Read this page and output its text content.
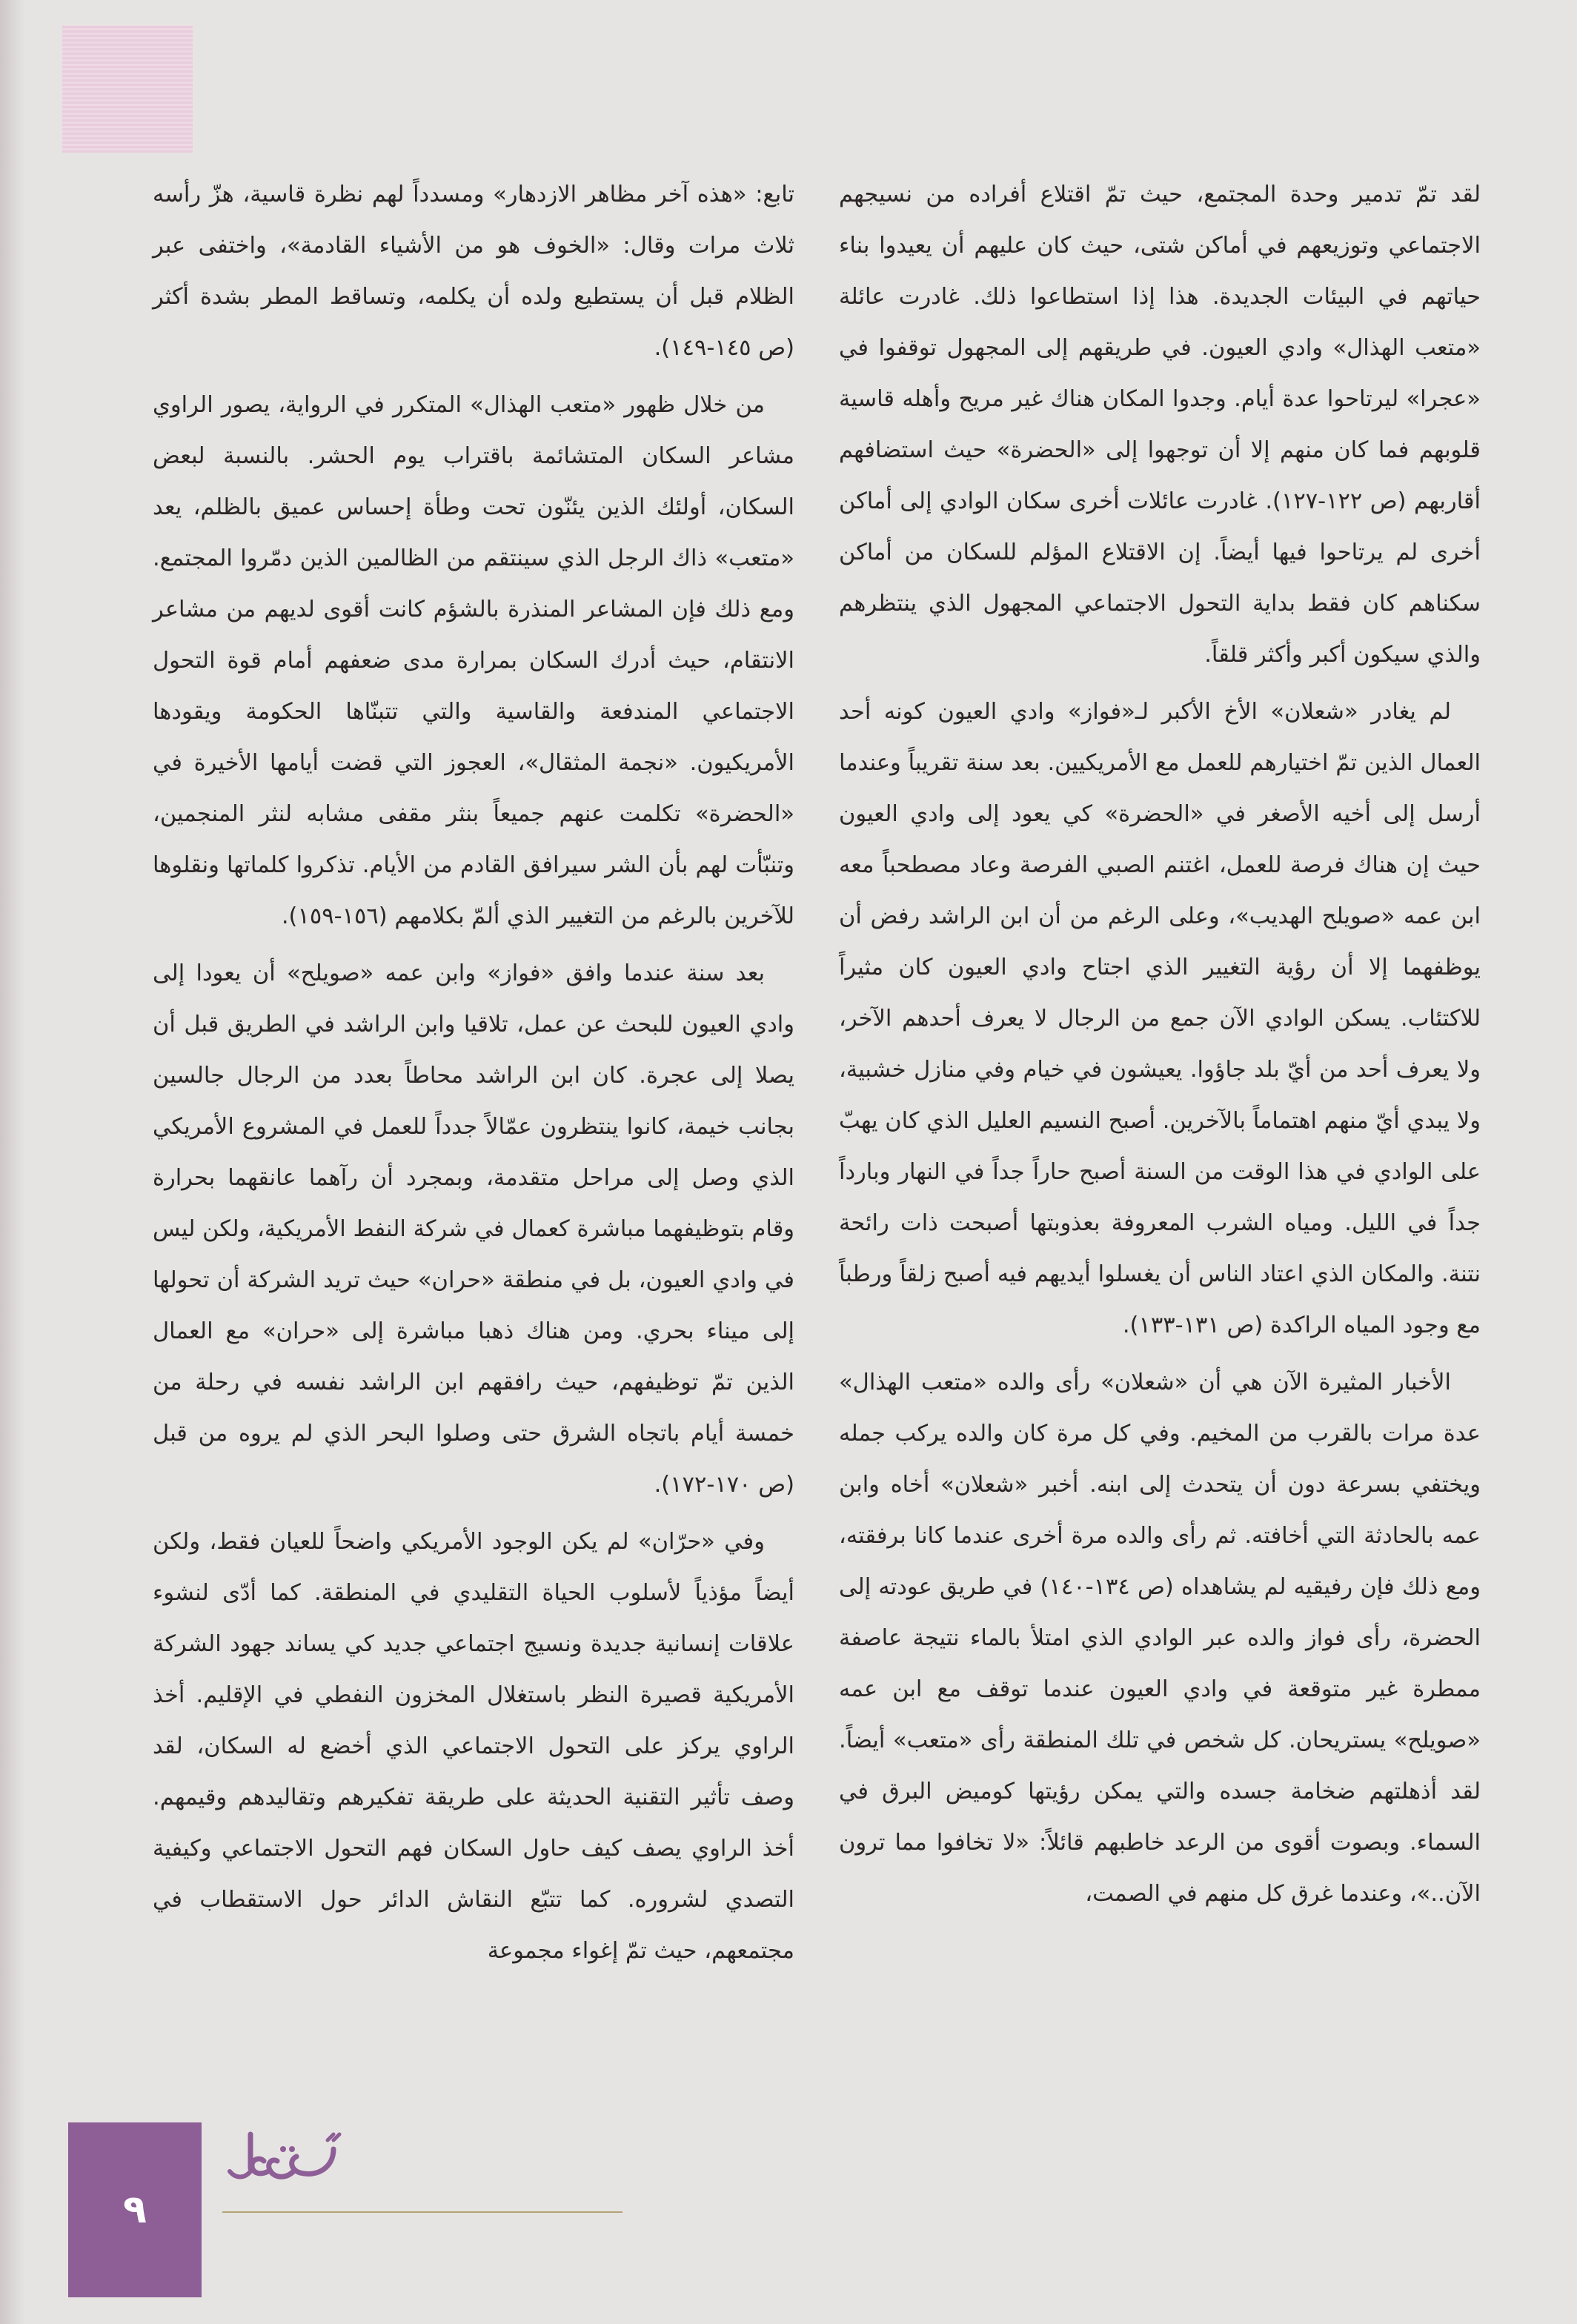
لقد تمّ تدمير وحدة المجتمع، حيث تمّ اقتلاع أفراده من نسيجهم الاجتماعي وتوزيعهم في أماكن شتى، حيث كان عليهم أن يعيدوا بناء حياتهم في البيئات الجديدة. هذا إذا استطاعوا ذلك. غادرت عائلة «متعب الهذال» وادي العيون. في طريقهم إلى المجهول توقفوا في «عجرا» ليرتاحوا عدة أيام. وجدوا المكان هناك غير مريح وأهله قاسية قلوبهم فما كان منهم إلا أن توجهوا إلى «الحضرة» حيث استضافهم أقاربهم (ص ١٢٢-١٢٧). غادرت عائلات أخرى سكان الوادي إلى أماكن أخرى لم يرتاحوا فيها أيضاً. إن الاقتلاع المؤلم للسكان من أماكن سكناهم كان فقط بداية التحول الاجتماعي المجهول الذي ينتظرهم والذي سيكون أكبر وأكثر قلقاً.

لم يغادر «شعلان» الأخ الأكبر لـ«فواز» وادي العيون كونه أحد العمال الذين تمّ اختيارهم للعمل مع الأمريكيين. بعد سنة تقريباً وعندما أرسل إلى أخيه الأصغر في «الحضرة» كي يعود إلى وادي العيون حيث إن هناك فرصة للعمل، اغتنم الصبي الفرصة وعاد مصطحباً معه ابن عمه «صويلح الهديب»، وعلى الرغم من أن ابن الراشد رفض أن يوظفهما إلا أن رؤية التغيير الذي اجتاح وادي العيون كان مثيراً للاكتئاب. يسكن الوادي الآن جمع من الرجال لا يعرف أحدهم الآخر، ولا يعرف أحد من أيّ بلد جاؤوا. يعيشون في خيام وفي منازل خشبية، ولا يبدي أيّ منهم اهتماماً بالآخرين. أصبح النسيم العليل الذي كان يهبّ على الوادي في هذا الوقت من السنة أصبح حاراً جداً في النهار وبارداً جداً في الليل. ومياه الشرب المعروفة بعذوبتها أصبحت ذات رائحة نتنة. والمكان الذي اعتاد الناس أن يغسلوا أيديهم فيه أصبح زلقاً ورطباً مع وجود المياه الراكدة (ص ١٣١-١٣٣).

الأخبار المثيرة الآن هي أن «شعلان» رأى والده «متعب الهذال» عدة مرات بالقرب من المخيم. وفي كل مرة كان والده يركب جمله ويختفي بسرعة دون أن يتحدث إلى ابنه. أخبر «شعلان» أخاه وابن عمه بالحادثة التي أخافته. ثم رأى والده مرة أخرى عندما كانا برفقته، ومع ذلك فإن رفيقيه لم يشاهداه (ص ١٣٤-١٤٠) في طريق عودته إلى الحضرة، رأى فواز والده عبر الوادي الذي امتلأ بالماء نتيجة عاصفة ممطرة غير متوقعة في وادي العيون عندما توقف مع ابن عمه «صويلح» يستريحان. كل شخص في تلك المنطقة رأى «متعب» أيضاً. لقد أذهلتهم ضخامة جسده والتي يمكن رؤيتها كوميض البرق في السماء. وبصوت أقوى من الرعد خاطبهم قائلاً: «لا تخافوا مما ترون الآن..»، وعندما غرق كل منهم في الصمت،

تابع: «هذه آخر مظاهر الازدهار» ومسدداً لهم نظرة قاسية، هزّ رأسه ثلاث مرات وقال: «الخوف هو من الأشياء القادمة»، واختفى عبر الظلام قبل أن يستطيع ولده أن يكلمه، وتساقط المطر بشدة أكثر (ص ١٤٥-١٤٩).

من خلال ظهور «متعب الهذال» المتكرر في الرواية، يصور الراوي مشاعر السكان المتشائمة باقتراب يوم الحشر. بالنسبة لبعض السكان، أولئك الذين يئنّون تحت وطأة إحساس عميق بالظلم، يعد «متعب» ذاك الرجل الذي سينتقم من الظالمين الذين دمّروا المجتمع. ومع ذلك فإن المشاعر المنذرة بالشؤم كانت أقوى لديهم من مشاعر الانتقام، حيث أدرك السكان بمرارة مدى ضعفهم أمام قوة التحول الاجتماعي المندفعة والقاسية والتي تتبنّاها الحكومة ويقودها الأمريكيون. «نجمة المثقال»، العجوز التي قضت أيامها الأخيرة في «الحضرة» تكلمت عنهم جميعاً بنثر مقفى مشابه لنثر المنجمين، وتنبّأت لهم بأن الشر سيرافق القادم من الأيام. تذكروا كلماتها ونقلوها للآخرين بالرغم من التغيير الذي ألمّ بكلامهم (١٥٦-١٥٩).

بعد سنة عندما وافق «فواز» وابن عمه «صويلح» أن يعودا إلى وادي العيون للبحث عن عمل، تلاقيا وابن الراشد في الطريق قبل أن يصلا إلى عجرة. كان ابن الراشد محاطاً بعدد من الرجال جالسين بجانب خيمة، كانوا ينتظرون عمّالاً جدداً للعمل في المشروع الأمريكي الذي وصل إلى مراحل متقدمة، وبمجرد أن رآهما عانقهما بحرارة وقام بتوظيفهما مباشرة كعمال في شركة النفط الأمريكية، ولكن ليس في وادي العيون، بل في منطقة «حران» حيث تريد الشركة أن تحولها إلى ميناء بحري. ومن هناك ذهبا مباشرة إلى «حران» مع العمال الذين تمّ توظيفهم، حيث رافقهم ابن الراشد نفسه في رحلة من خمسة أيام باتجاه الشرق حتى وصلوا البحر الذي لم يروه من قبل (ص ١٧٠-١٧٢).

وفي «حرّان» لم يكن الوجود الأمريكي واضحاً للعيان فقط، ولكن أيضاً مؤذياً لأسلوب الحياة التقليدي في المنطقة. كما أدّى لنشوء علاقات إنسانية جديدة ونسيج اجتماعي جديد كي يساند جهود الشركة الأمريكية قصيرة النظر باستغلال المخزون النفطي في الإقليم. أخذ الراوي يركز على التحول الاجتماعي الذي أخضع له السكان، لقد وصف تأثير التقنية الحديثة على طريقة تفكيرهم وتقاليدهم وقيمهم. أخذ الراوي يصف كيف حاول السكان فهم التحول الاجتماعي وكيفية التصدي لشروره. كما تتبّع النقاش الدائر حول الاستقطاب في مجتمعهم، حيث تمّ إغواء مجموعة

٩
